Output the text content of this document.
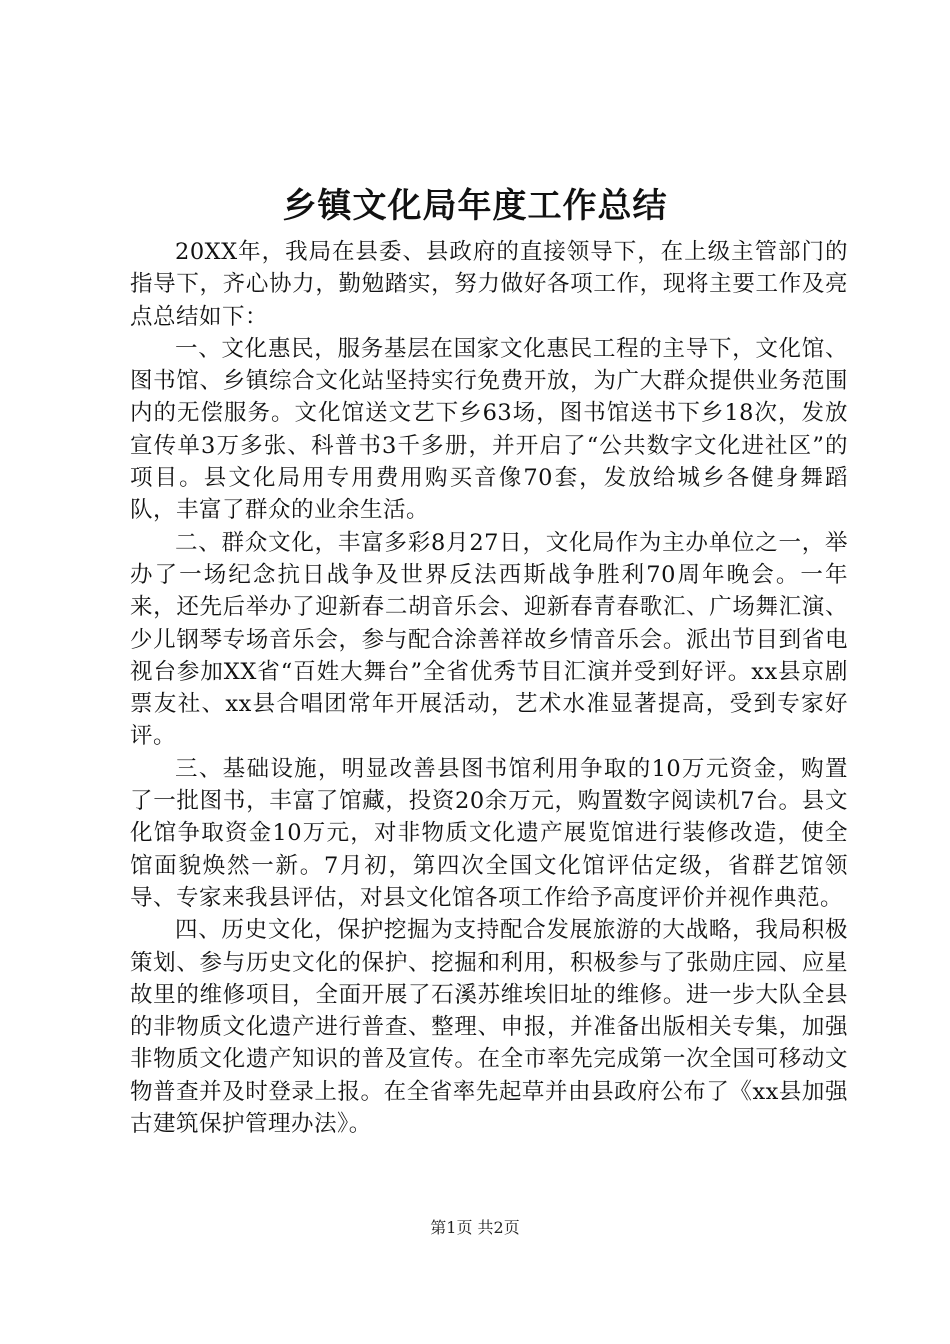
乡镇文化局年度工作总结

20XX年，我局在县委、县政府的直接领导下，在上级主管部门的指导下，齐心协力，勤勉踏实，努力做好各项工作，现将主要工作及亮点总结如下：

一、文化惠民，服务基层在国家文化惠民工程的主导下，文化馆、图书馆、乡镇综合文化站坚持实行免费开放，为广大群众提供业务范围内的无偿服务。文化馆送文艺下乡63场，图书馆送书下乡18次，发放宣传单3万多张、科普书3千多册，并开启了“公共数字文化进社区”的项目。县文化局用专用费用购买音像70套，发放给城乡各健身舞蹈队，丰富了群众的业余生活。

二、群众文化，丰富多彩8月27日，文化局作为主办单位之一，举办了一场纪念抗日战争及世界反法西斯战争胜利70周年晚会。一年来，还先后举办了迎新春二胡音乐会、迎新春青春歌汇、广场舞汇演、少儿钢琴专场音乐会，参与配合涂善祥故乡情音乐会。派出节目到省电视台参加XX省“百姓大舞台”全省优秀节目汇演并受到好评。xx县京剧票友社、xx县合唱团常年开展活动，艺术水准显著提高，受到专家好评。

三、基础设施，明显改善县图书馆利用争取的10万元资金，购置了一批图书，丰富了馆藏，投资20余万元，购置数字阅读机7台。县文化馆争取资金10万元，对非物质文化遗产展览馆进行装修改造，使全馆面貌焕然一新。7月初，第四次全国文化馆评估定级，省群艺馆领导、专家来我县评估，对县文化馆各项工作给予高度评价并视作典范。

四、历史文化，保护挖掘为支持配合发展旅游的大战略，我局积极策划、参与历史文化的保护、挖掘和利用，积极参与了张勋庄园、应星故里的维修项目，全面开展了石溪苏维埃旧址的维修。进一步大队全县的非物质文化遗产进行普查、整理、申报，并准备出版相关专集，加强非物质文化遗产知识的普及宣传。在全市率先完成第一次全国可移动文物普查并及时登录上报。在全省率先起草并由县政府公布了《xx县加强古建筑保护管理办法》。

第1页 共2页
